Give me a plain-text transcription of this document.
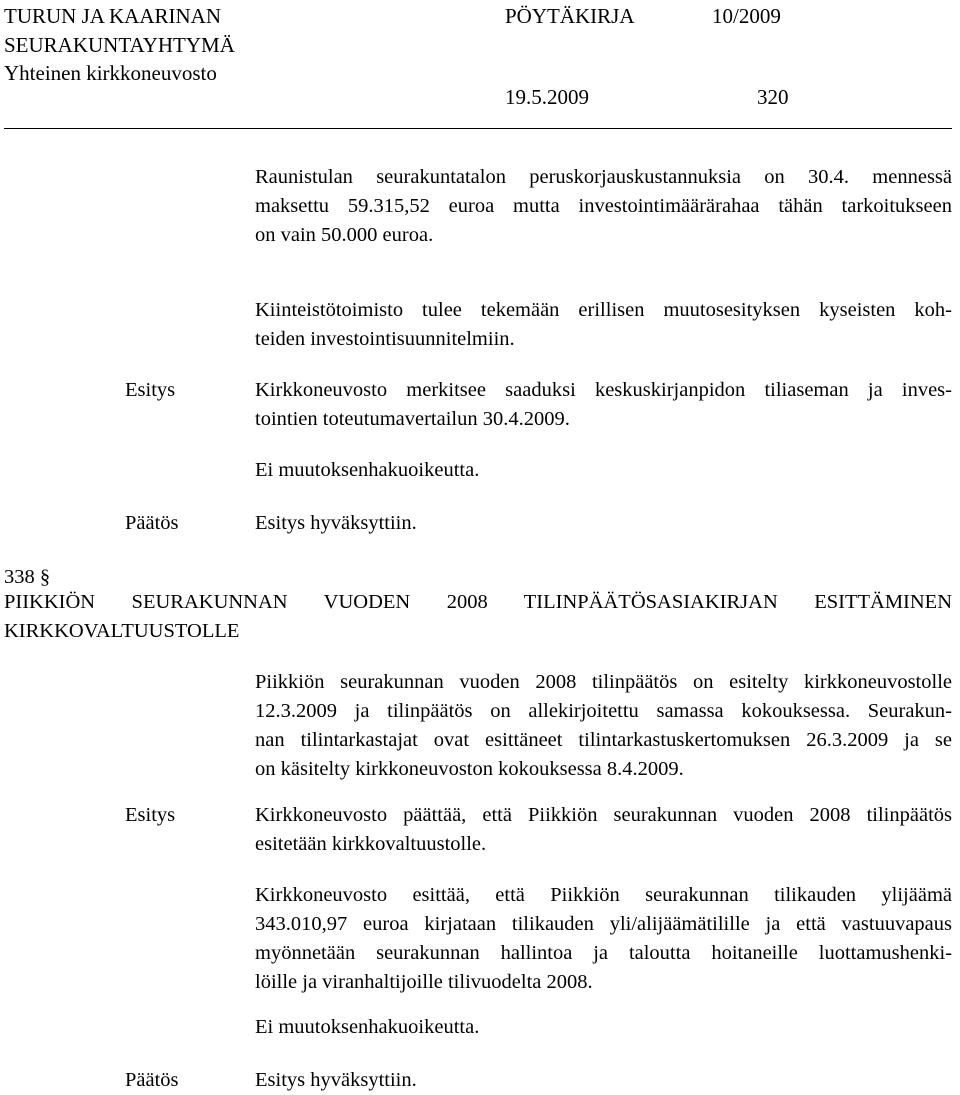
TURUN JA KAARINAN
SEURAKUNTAYHTYMÄ
Yhteinen kirkkoneuvosto
PÖYTÄKIRJA	10/2009
19.5.2009	320
Raunistulan seurakuntatalon peruskorjauskustannuksia on 30.4. mennessä
maksettu 59.315,52 euroa mutta investointimäärärahaa tähän tarkoitukseen
on vain 50.000 euroa.
Kiinteistötoimisto tulee tekemään erillisen muutosesityksen kyseisten koh-
teiden investointisuunnitelmiin.
Esitys	Kirkkoneuvosto merkitsee saaduksi keskuskirjanpidon tiliaseman ja inves-
tointien toteutumavertailun 30.4.2009.
Ei muutoksenhakuoikeutta.
Päätös	Esitys hyväksyttiin.
338 §
PIIKKIÖN SEURAKUNNAN VUODEN 2008 TILINPÄÄTÖSASIAKIRJAN ESITTÄMINEN
KIRKKOVALTUUSTOLLE
Piikkiön seurakunnan vuoden 2008 tilinpäätös on esitelty kirkkoneuvostolle
12.3.2009 ja tilinpäätös on allekirjoitettu samassa kokouksessa. Seurakun-
nan tilintarkastajat ovat esittäneet tilintarkastuskertomuksen 26.3.2009 ja se
on käsitelty kirkkoneuvoston kokouksessa 8.4.2009.
Esitys	Kirkkoneuvosto päättää, että Piikkiön seurakunnan vuoden 2008 tilinpäätös
esitetään kirkkovaltuustolle.
Kirkkoneuvosto esittää, että Piikkiön seurakunnan tilikauden ylijäämä
343.010,97 euroa kirjataan tilikauden yli/alijäämätilille ja että vastuuvapaus
myönnetään seurakunnan hallintoa ja taloutta hoitaneille luottamushenki-
löille ja viranhaltijoille tilivuodelta 2008.
Ei muutoksenhakuoikeutta.
Päätös	Esitys hyväksyttiin.
